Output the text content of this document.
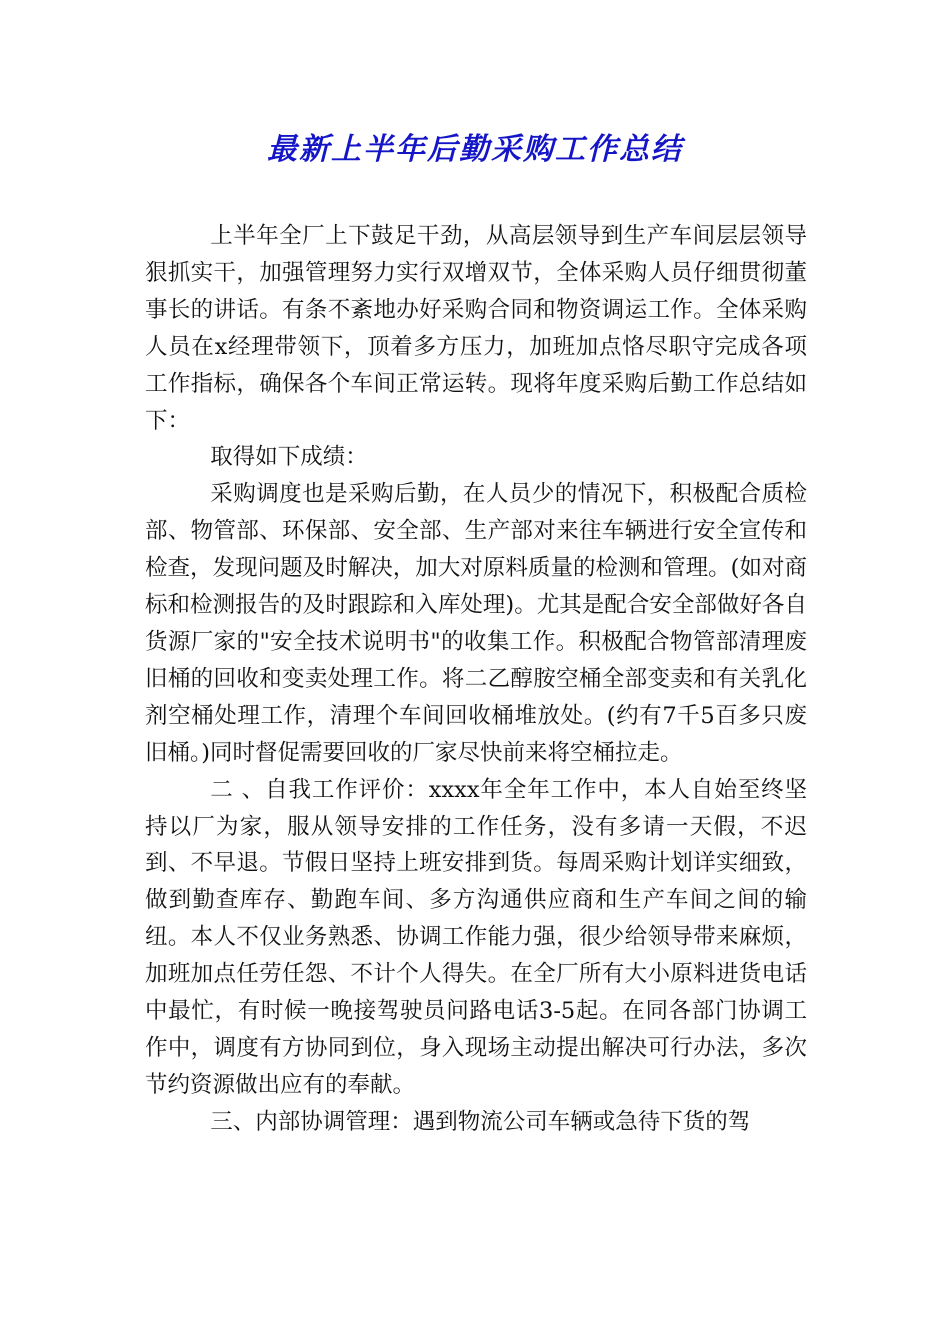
最新上半年后勤采购工作总结

上半年全厂上下鼓足干劲，从高层领导到生产车间层层领导狠抓实干，加强管理努力实行双增双节，全体采购人员仔细贯彻董事长的讲话。有条不紊地办好采购合同和物资调运工作。全体采购人员在x经理带领下，顶着多方压力，加班加点恪尽职守完成各项工作指标，确保各个车间正常运转。现将年度采购后勤工作总结如下：

取得如下成绩：

采购调度也是采购后勤，在人员少的情况下，积极配合质检部、物管部、环保部、安全部、生产部对来往车辆进行安全宣传和检查，发现问题及时解决，加大对原料质量的检测和管理。(如对商标和检测报告的及时跟踪和入库处理)。尤其是配合安全部做好各自货源厂家的"安全技术说明书"的收集工作。积极配合物管部清理废旧桶的回收和变卖处理工作。将二乙醇胺空桶全部变卖和有关乳化剂空桶处理工作，清理个车间回收桶堆放处。(约有7千5百多只废旧桶。)同时督促需要回收的厂家尽快前来将空桶拉走。

二 、自我工作评价：xxxx年全年工作中，本人自始至终坚持以厂为家，服从领导安排的工作任务，没有多请一天假，不迟到、不早退。节假日坚持上班安排到货。每周采购计划详实细致，做到勤查库存、勤跑车间、多方沟通供应商和生产车间之间的输纽。本人不仅业务熟悉、协调工作能力强，很少给领导带来麻烦，加班加点任劳任怨、不计个人得失。在全厂所有大小原料进货电话中最忙，有时候一晚接驾驶员问路电话3-5起。在同各部门协调工作中，调度有方协同到位，身入现场主动提出解决可行办法，多次节约资源做出应有的奉献。

三、内部协调管理：遇到物流公司车辆或急待下货的驾
